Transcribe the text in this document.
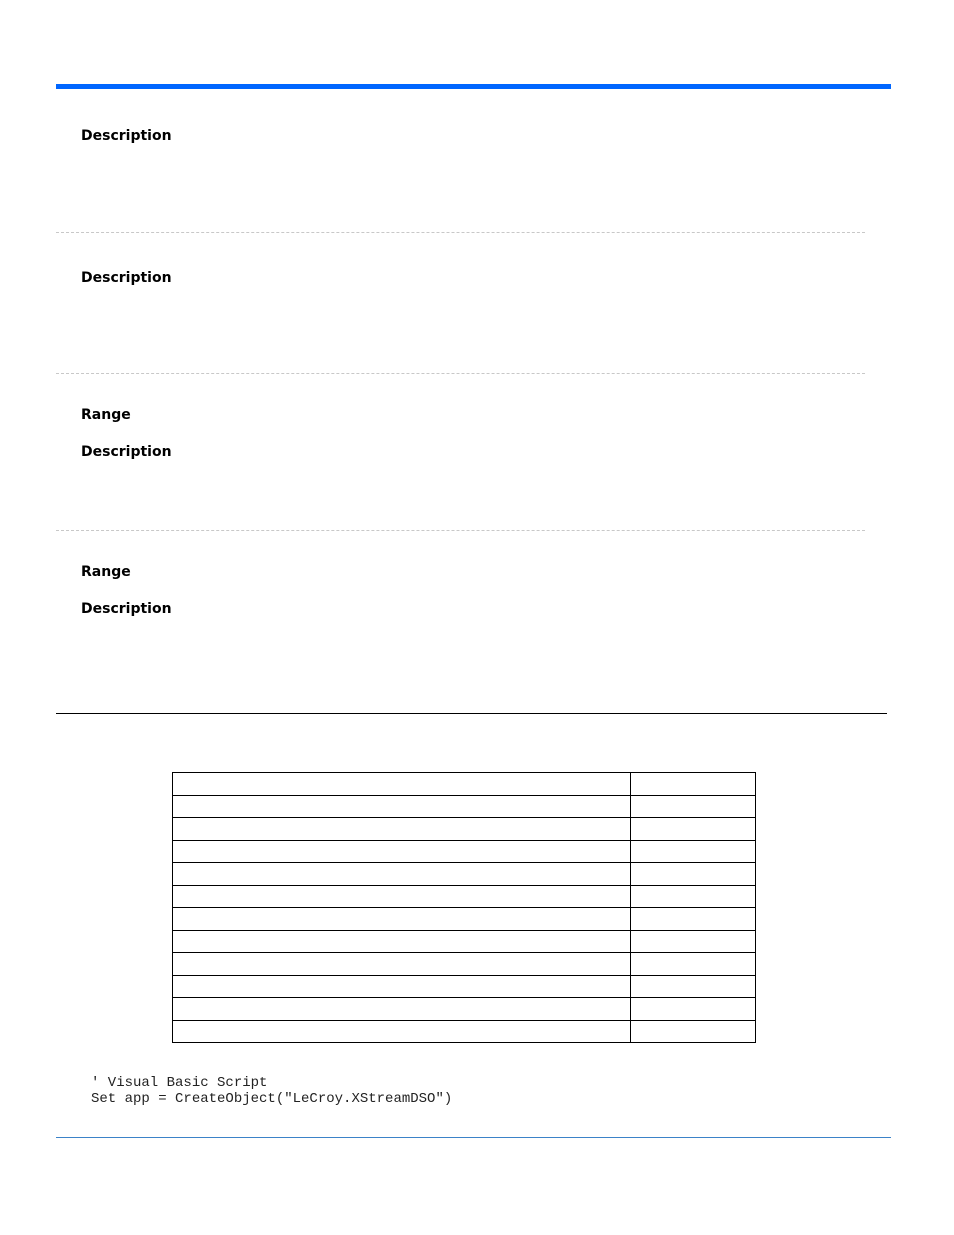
Description
Description
Range
Description
Range
Description

' Visual Basic Script
Set app = CreateObject("LeCroy.XStreamDSO")
